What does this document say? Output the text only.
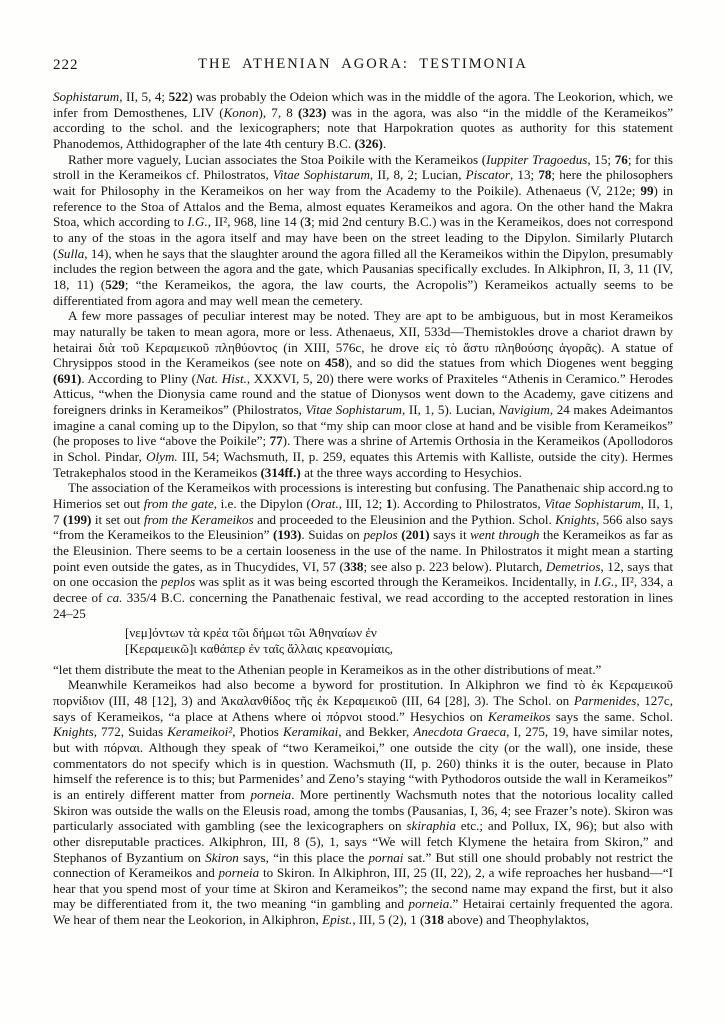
222	THE ATHENIAN AGORA: TESTIMONIA

Sophistarum, II, 5, 4; 522) was probably the Odeion which was in the middle of the agora. The Leokorion, which, we infer from Demosthenes, LIV (Konon), 7, 8 (323) was in the agora, was also “in the middle of the Kerameikos” according to the schol. and the lexicographers; note that Harpokration quotes as authority for this statement Phanodemos, Atthidographer of the late 4th century B.C. (326).

Rather more vaguely, Lucian associates the Stoa Poikile with the Kerameikos (Iuppiter Tragoedus, 15; 76; for this stroll in the Kerameikos cf. Philostratos, Vitae Sophistarum, II, 8, 2; Lucian, Piscator, 13; 78; here the philosophers wait for Philosophy in the Kerameikos on her way from the Academy to the Poikile). Athenaeus (V, 212e; 99) in reference to the Stoa of Attalos and the Bema, almost equates Kerameikos and agora. On the other hand the Makra Stoa, which according to I.G., II², 968, line 14 (3; mid 2nd century B.C.) was in the Kerameikos, does not correspond to any of the stoas in the agora itself and may have been on the street leading to the Dipylon. Similarly Plutarch (Sulla, 14), when he says that the slaughter around the agora filled all the Kerameikos within the Dipylon, presumably includes the region between the agora and the gate, which Pausanias specifically excludes. In Alkiphron, II, 3, 11 (IV, 18, 11) (529; “the Kerameikos, the agora, the law courts, the Acropolis”) Kerameikos actually seems to be differentiated from agora and may well mean the cemetery.

A few more passages of peculiar interest may be noted. They are apt to be ambiguous, but in most Kerameikos may naturally be taken to mean agora, more or less. Athenaeus, XII, 533d—Themistokles drove a chariot drawn by hetairai διὰ τοῦ Κεραμεικοῦ πληθύοντος (in XIII, 576c, he drove εἰς τὸ ἄστυ πληθούσης ἀγορᾶς). A statue of Chrysippos stood in the Kerameikos (see note on 458), and so did the statues from which Diogenes went begging (691). According to Pliny (Nat. Hist., XXXVI, 5, 20) there were works of Praxiteles “Athenis in Ceramico.” Herodes Atticus, “when the Dionysia came round and the statue of Dionysos went down to the Academy, gave citizens and foreigners drinks in Kerameikos” (Philostratos, Vitae Sophistarum, II, 1, 5). Lucian, Navigium, 24 makes Adeimantos imagine a canal coming up to the Dipylon, so that “my ship can moor close at hand and be visible from Kerameikos” (he proposes to live “above the Poikile”; 77). There was a shrine of Artemis Orthosia in the Kerameikos (Apollodoros in Schol. Pindar, Olym. III, 54; Wachsmuth, II, p. 259, equates this Artemis with Kalliste, outside the city). Hermes Tetrakephalos stood in the Kerameikos (314ff.) at the three ways according to Hesychios.

The association of the Kerameikos with processions is interesting but confusing. The Panathenaic ship accord.ng to Himerios set out from the gate, i.e. the Dipylon (Orat., III, 12; 1). According to Philostratos, Vitae Sophistarum, II, 1, 7 (199) it set out from the Kerameikos and proceeded to the Eleusinion and the Pythion. Schol. Knights, 566 also says “from the Kerameikos to the Eleusinion” (193). Suidas on peplos (201) says it went through the Kerameikos as far as the Eleusinion. There seems to be a certain looseness in the use of the name. In Philostratos it might mean a starting point even outside the gates, as in Thucydides, VI, 57 (338; see also p. 223 below). Plutarch, Demetrios, 12, says that on one occasion the peplos was split as it was being escorted through the Kerameikos. Incidentally, in I.G., II², 334, a decree of ca. 335/4 B.C. concerning the Panathenaic festival, we read according to the accepted restoration in lines 24–25

[νεμ]όντων τὰ κρέα τῶι δήμωι τῶι Ἀθηναίων ἐν
[Κεραμεικῶ]ι καθάπερ ἐν ταῖς ἄλλαις κρεανομίαις,

“let them distribute the meat to the Athenian people in Kerameikos as in the other distributions of meat.”

Meanwhile Kerameikos had also become a byword for prostitution. In Alkiphron we find τὸ ἐκ Κεραμεικοῦ πορνίδιον (III, 48 [12], 3) and Ἀκαλανθίδος τῆς ἐκ Κεραμεικοῦ (III, 64 [28], 3). The Schol. on Parmenides, 127c, says of Kerameikos, “a place at Athens where οἱ πόρνοι stood.” Hesychios on Kerameikos says the same. Schol. Knights, 772, Suidas Kerameikoi², Photios Keramikai, and Bekker, Anecdota Graeca, I, 275, 19, have similar notes, but with πόρναι. Although they speak of “two Kerameikoi,” one outside the city (or the wall), one inside, these commentators do not specify which is in question. Wachsmuth (II, p. 260) thinks it is the outer, because in Plato himself the reference is to this; but Parmenides’ and Zeno’s staying “with Pythodoros outside the wall in Kerameikos” is an entirely different matter from porneia. More pertinently Wachsmuth notes that the notorious locality called Skiron was outside the walls on the Eleusis road, among the tombs (Pausanias, I, 36, 4; see Frazer’s note). Skiron was particularly associated with gambling (see the lexicographers on skiraphia etc.; and Pollux, IX, 96); but also with other disreputable practices. Alkiphron, III, 8 (5), 1, says “We will fetch Klymene the hetaira from Skiron,” and Stephanos of Byzantium on Skiron says, “in this place the pornai sat.” But still one should probably not restrict the connection of Kerameikos and porneia to Skiron. In Alkiphron, III, 25 (II, 22), 2, a wife reproaches her husband—“I hear that you spend most of your time at Skiron and Kerameikos”; the second name may expand the first, but it also may be differentiated from it, the two meaning “in gambling and porneia.” Hetairai certainly frequented the agora. We hear of them near the Leokorion, in Alkiphron, Epist., III, 5 (2), 1 (318 above) and Theophylaktos,
